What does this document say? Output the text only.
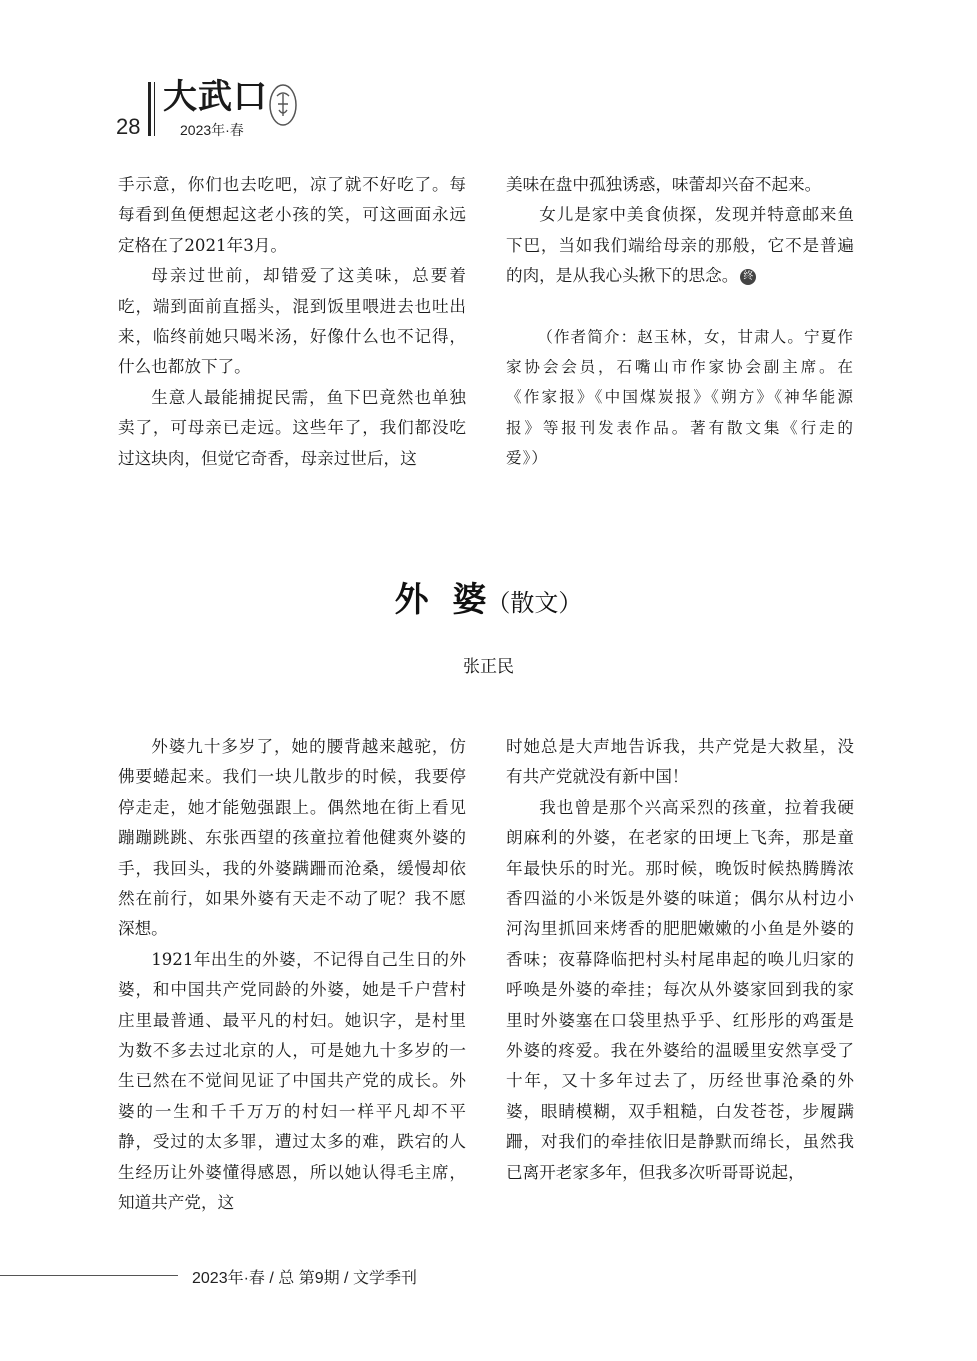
28
大武口
2023年·春

手示意，你们也去吃吧，凉了就不好吃了。每每看到鱼便想起这老小孩的笑，可这画面永远定格在了2021年3月。

母亲过世前，却错爱了这美味，总要着吃，端到面前直摇头，混到饭里喂进去也吐出来，临终前她只喝米汤，好像什么也不记得，什么也都放下了。

生意人最能捕捉民需，鱼下巴竟然也单独卖了，可母亲已走远。这些年了，我们都没吃过这块肉，但觉它奇香，母亲过世后，这

美味在盘中孤独诱惑，味蕾却兴奋不起来。

女儿是家中美食侦探，发现并特意邮来鱼下巴，当如我们端给母亲的那般，它不是普遍的肉，是从我心头揪下的思念。 终

（作者简介：赵玉林，女，甘肃人。宁夏作家协会会员，石嘴山市作家协会副主席。在《作家报》《中国煤炭报》《朔方》《神华能源报》等报刊发表作品。著有散文集《行走的爱》）

外  婆（散文）
张正民

外婆九十多岁了，她的腰背越来越驼，仿佛要蜷起来。我们一块儿散步的时候，我要停停走走，她才能勉强跟上。偶然地在街上看见蹦蹦跳跳、东张西望的孩童拉着他健爽外婆的手，我回头，我的外婆蹒跚而沧桑，缓慢却依然在前行，如果外婆有天走不动了呢？我不愿深想。

1921年出生的外婆，不记得自己生日的外婆，和中国共产党同龄的外婆，她是千户营村庄里最普通、最平凡的村妇。她识字，是村里为数不多去过北京的人，可是她九十多岁的一生已然在不觉间见证了中国共产党的成长。外婆的一生和千千万万的村妇一样平凡却不平静，受过的太多罪，遭过太多的难，跌宕的人生经历让外婆懂得感恩，所以她认得毛主席，知道共产党，这

时她总是大声地告诉我，共产党是大救星，没有共产党就没有新中国！

我也曾是那个兴高采烈的孩童，拉着我硬朗麻利的外婆，在老家的田埂上飞奔，那是童年最快乐的时光。那时候，晚饭时候热腾腾浓香四溢的小米饭是外婆的味道；偶尔从村边小河沟里抓回来烤香的肥肥嫩嫩的小鱼是外婆的香味；夜幕降临把村头村尾串起的唤儿归家的呼唤是外婆的牵挂；每次从外婆家回到我的家里时外婆塞在口袋里热乎乎、红彤彤的鸡蛋是外婆的疼爱。我在外婆给的温暖里安然享受了十年，又十多年过去了，历经世事沧桑的外婆，眼睛模糊，双手粗糙，白发苍苍，步履蹒跚，对我们的牵挂依旧是静默而绵长，虽然我已离开老家多年，但我多次听哥哥说起，

2023年·春 / 总 第9期 / 文学季刊
